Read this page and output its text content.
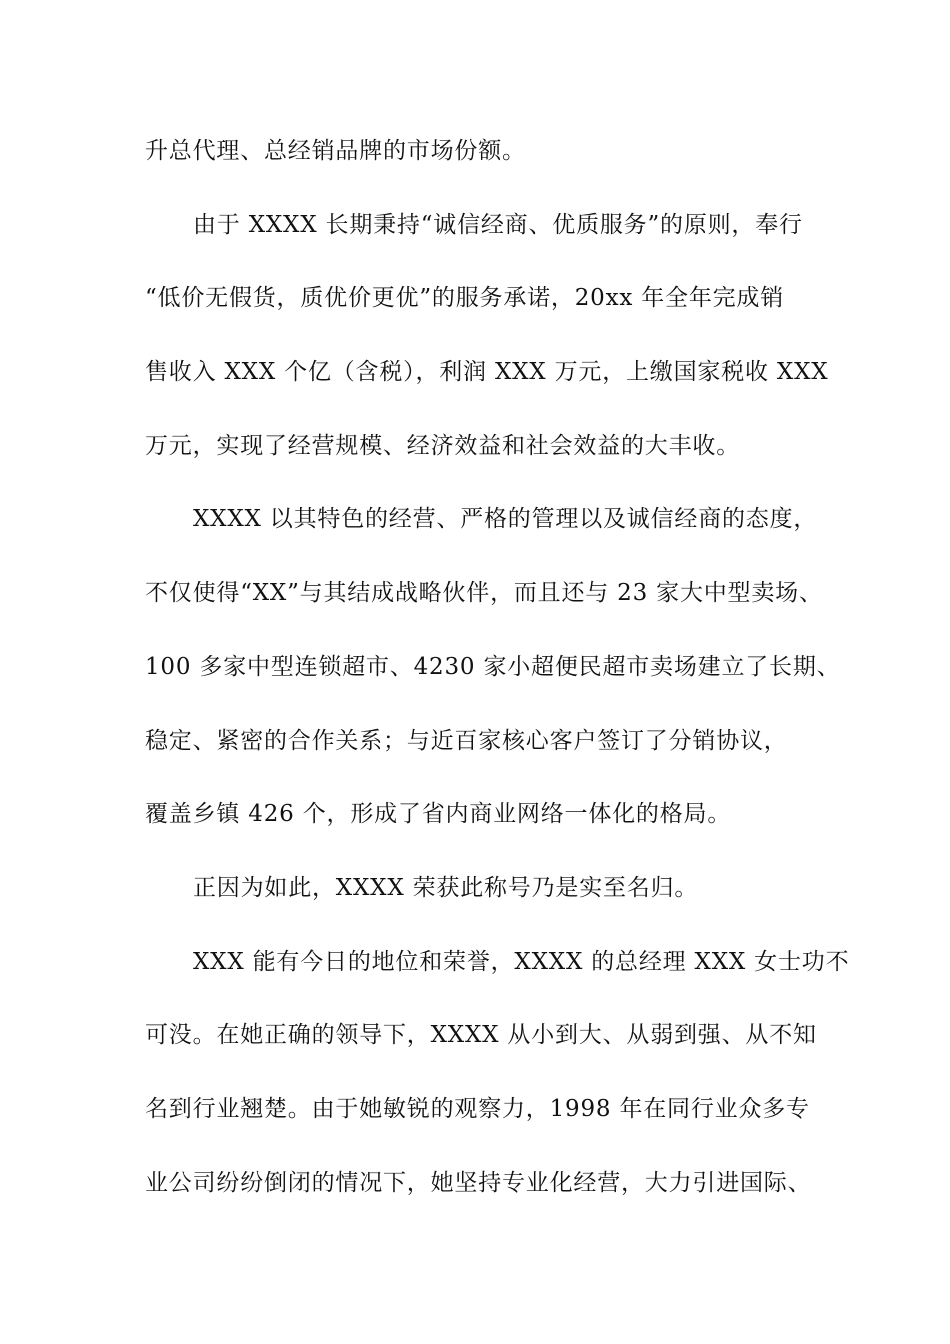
升总代理、总经销品牌的市场份额。
由于 XXXX 长期秉持“诚信经商、优质服务”的原则，奉行
“低价无假货，质优价更优”的服务承诺，20xx 年全年完成销
售收入 XXX 个亿（含税），利润 XXX 万元，上缴国家税收 XXX
万元，实现了经营规模、经济效益和社会效益的大丰收。
XXXX 以其特色的经营、严格的管理以及诚信经商的态度，
不仅使得“XX”与其结成战略伙伴，而且还与 23 家大中型卖场、
100 多家中型连锁超市、4230 家小超便民超市卖场建立了长期、
稳定、紧密的合作关系；与近百家核心客户签订了分销协议，
覆盖乡镇 426 个，形成了省内商业网络一体化的格局。
正因为如此，XXXX 荣获此称号乃是实至名归。
XXX 能有今日的地位和荣誉，XXXX 的总经理 XXX 女士功不
可没。在她正确的领导下，XXXX 从小到大、从弱到强、从不知
名到行业翘楚。由于她敏锐的观察力，1998 年在同行业众多专
业公司纷纷倒闭的情况下，她坚持专业化经营，大力引进国际、
